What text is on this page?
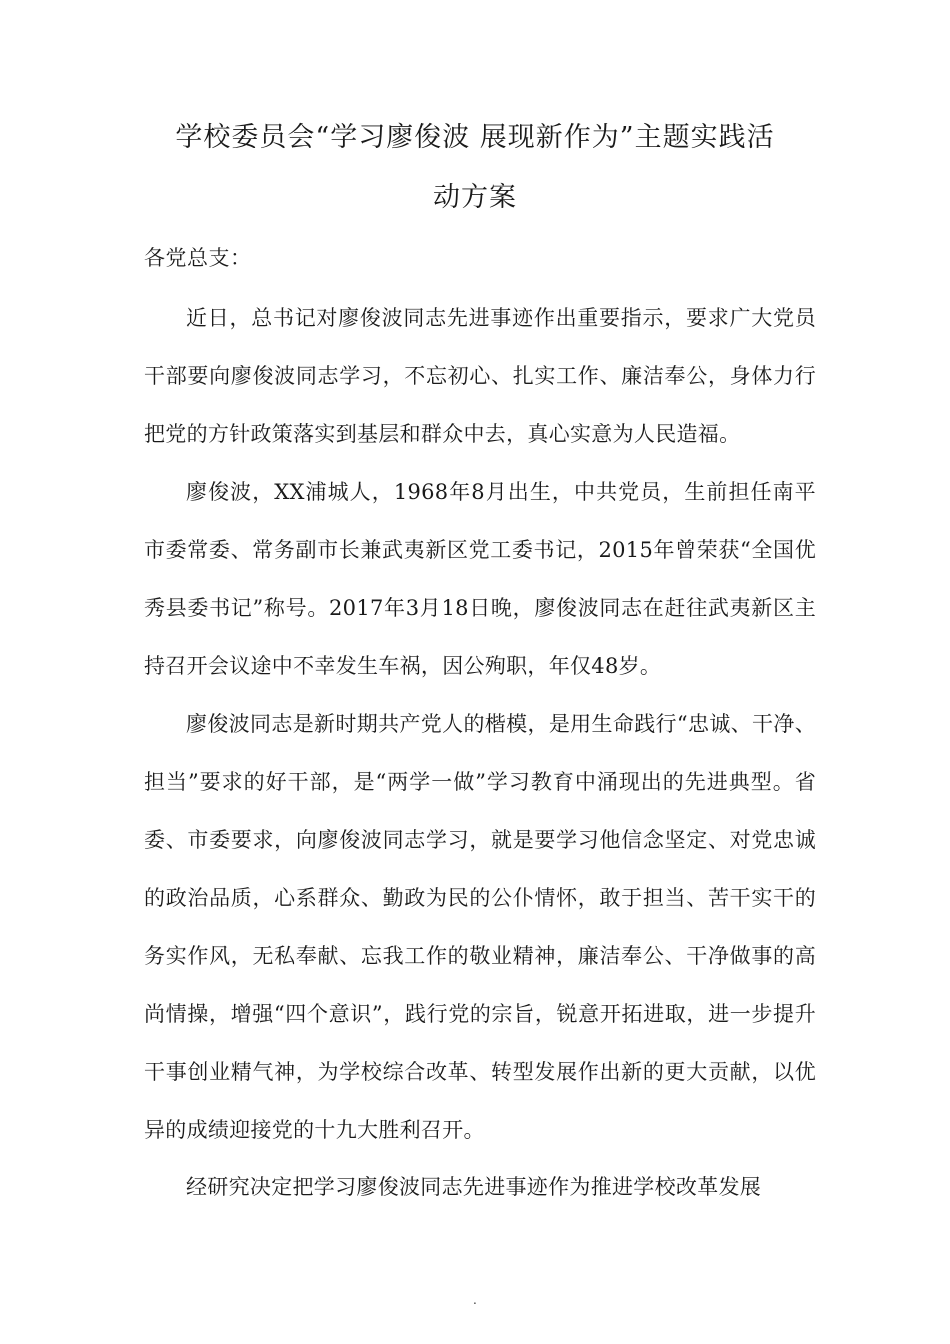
学校委员会“学习廖俊波 展现新作为”主题实践活
动方案
各党总支：

近日，总书记对廖俊波同志先进事迹作出重要指示，要求广大党员干部要向廖俊波同志学习，不忘初心、扎实工作、廉洁奉公，身体力行把党的方针政策落实到基层和群众中去，真心实意为人民造福。

廖俊波，XX浦城人，1968年8月出生，中共党员，生前担任南平市委常委、常务副市长兼武夷新区党工委书记，2015年曾荣获“全国优秀县委书记”称号。2017年3月18日晚，廖俊波同志在赶往武夷新区主持召开会议途中不幸发生车祸，因公殉职，年仅48岁。

廖俊波同志是新时期共产党人的楷模，是用生命践行“忠诚、干净、担当”要求的好干部，是“两学一做”学习教育中涌现出的先进典型。省委、市委要求，向廖俊波同志学习，就是要学习他信念坚定、对党忠诚的政治品质，心系群众、勤政为民的公仆情怀，敢于担当、苦干实干的务实作风，无私奉献、忘我工作的敬业精神，廉洁奉公、干净做事的高尚情操，增强“四个意识”，践行党的宗旨，锐意开拓进取，进一步提升干事创业精气神，为学校综合改革、转型发展作出新的更大贡献，以优异的成绩迎接党的十九大胜利召开。

经研究决定把学习廖俊波同志先进事迹作为推进学校改革发展

.
